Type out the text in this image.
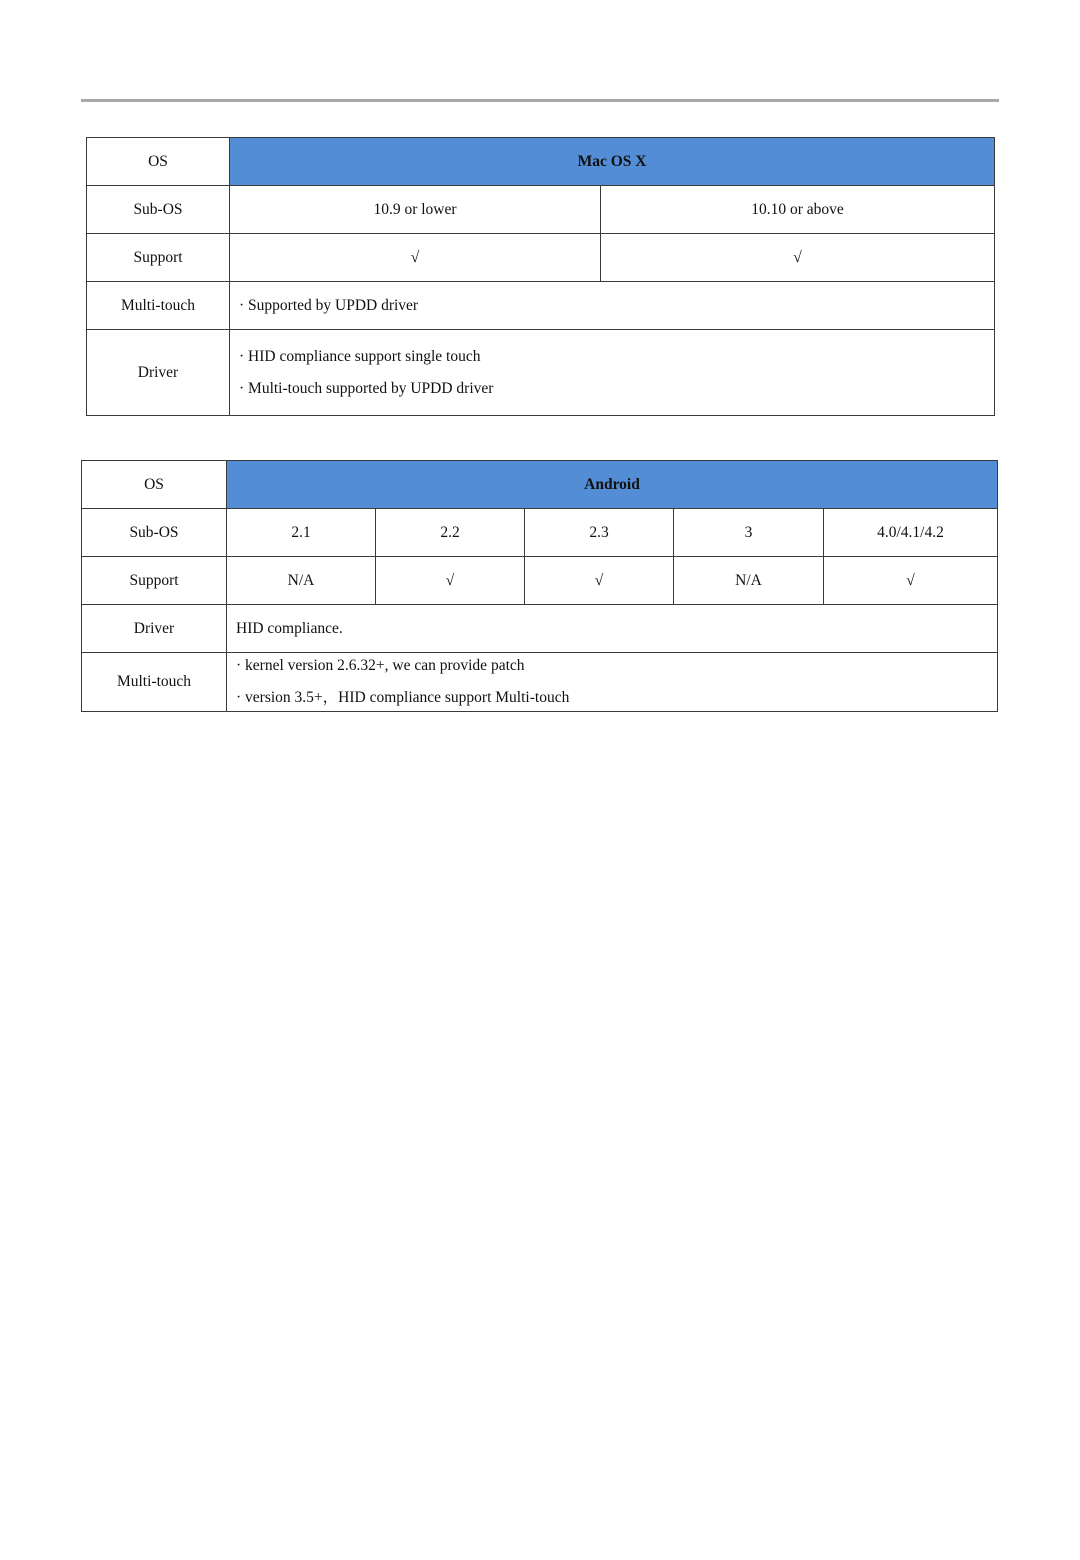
OS	Mac OS X	
Sub-OS	10.9 or lower	10.10 or above
Support	√	√
Multi-touch	· Supported by UPDD driver	
Driver	· HID compliance support single touch
· Multi-touch supported by UPDD driver	
OS	Android				
Sub-OS	2.1	2.2	2.3	3	4.0/4.1/4.2
Support	N/A	√	√	N/A	√
Driver	HID compliance.				
Multi-touch	· kernel version 2.6.32+, we can provide patch
· version 3.5+，HID compliance support Multi-touch				
